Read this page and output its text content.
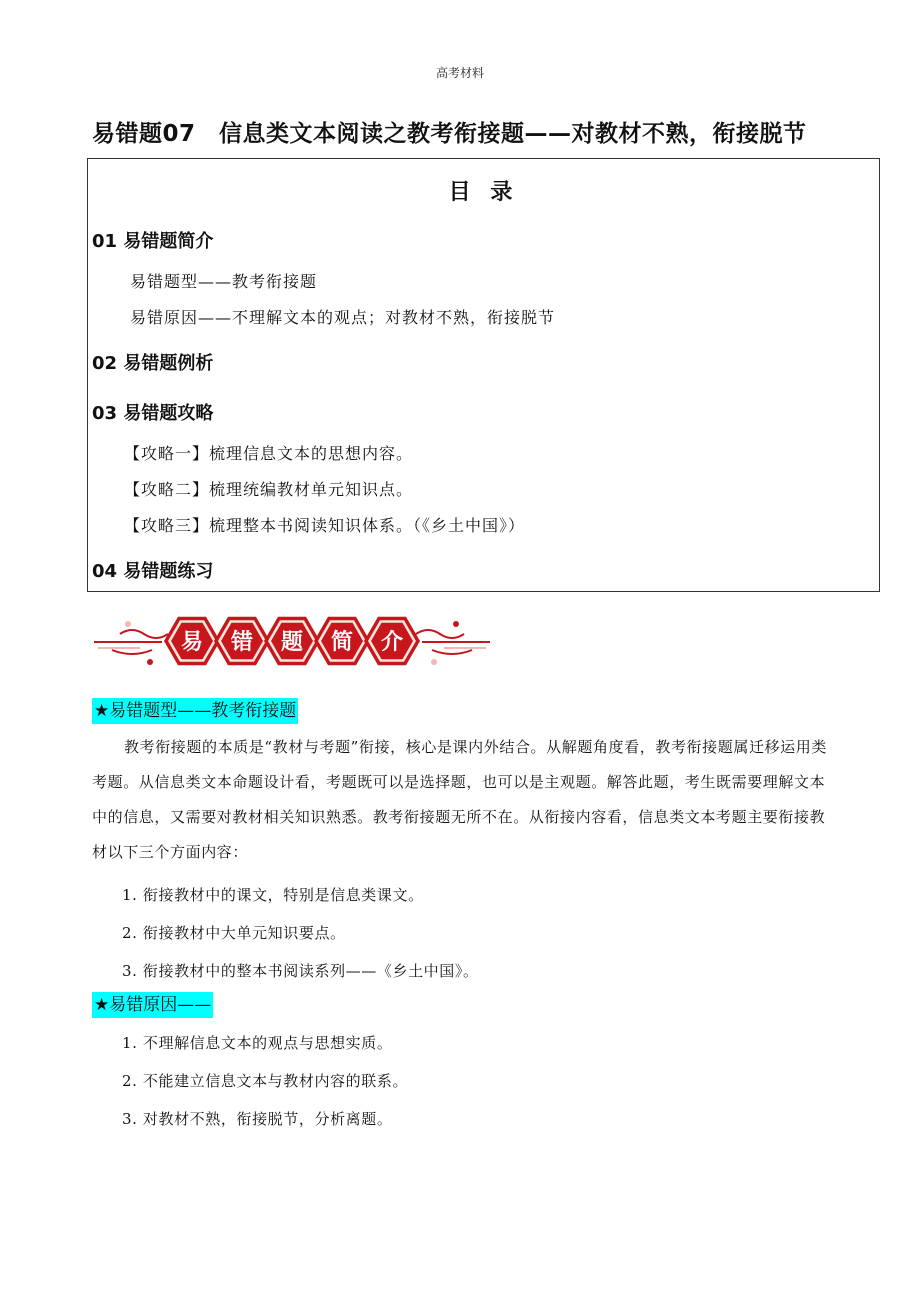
高考材料
易错题07　信息类文本阅读之教考衔接题——对教材不熟，衔接脱节
目 录
01 易错题简介
易错题型——教考衔接题
易错原因——不理解文本的观点；对教材不熟，衔接脱节
02 易错题例析
03 易错题攻略
【攻略一】梳理信息文本的思想内容。
【攻略二】梳理统编教材单元知识点。
【攻略三】梳理整本书阅读知识体系。（《乡土中国》）
04 易错题练习
易 错 题 简 介
★易错题型——教考衔接题
教考衔接题的本质是“教材与考题”衔接，核心是课内外结合。从解题角度看，教考衔接题属迁移运用类考题。从信息类文本命题设计看，考题既可以是选择题，也可以是主观题。解答此题，考生既需要理解文本中的信息，又需要对教材相关知识熟悉。教考衔接题无所不在。从衔接内容看，信息类文本考题主要衔接教材以下三个方面内容：
1. 衔接教材中的课文，特别是信息类课文。
2. 衔接教材中大单元知识要点。
3. 衔接教材中的整本书阅读系列——《乡土中国》。
★易错原因——
1. 不理解信息文本的观点与思想实质。
2. 不能建立信息文本与教材内容的联系。
3. 对教材不熟，衔接脱节，分析离题。
